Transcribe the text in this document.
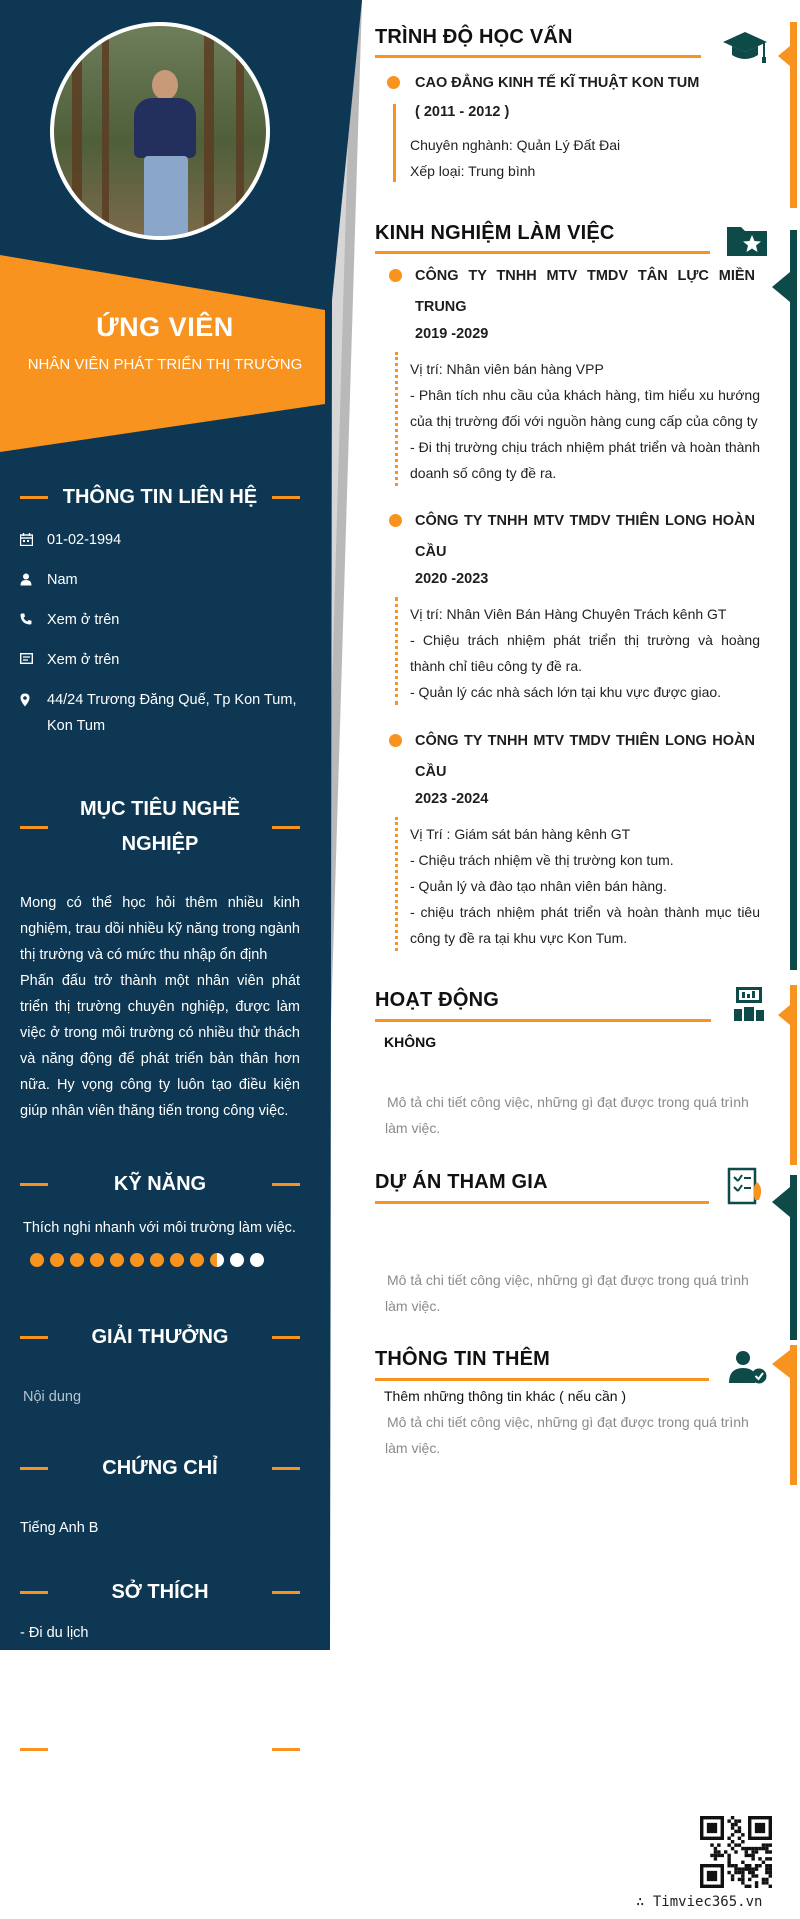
ỨNG VIÊN
NHÂN VIÊN PHÁT TRIỂN THỊ TRƯỜNG
THÔNG TIN LIÊN HỆ
01-02-1994
Nam
Xem ở trên
Xem ở trên
44/24 Trương Đăng Quế, Tp Kon Tum, Kon Tum
MỤC TIÊU NGHỀ NGHIỆP
Mong có thể học hỏi thêm nhiều kinh nghiệm, trau dồi nhiều kỹ năng trong ngành thị trường và có mức thu nhập ổn định
Phấn đấu trở thành một nhân viên phát triển thị trường chuyên nghiệp, được làm việc ở trong môi trường có nhiều thử thách và năng động để phát triển bản thân hơn nữa. Hy vọng công ty luôn tạo điều kiện giúp nhân viên thăng tiến trong công việc.
KỸ NĂNG
Thích nghi nhanh với môi trường làm việc.
GIẢI THƯỞNG
Nội dung
CHỨNG CHỈ
Tiếng Anh B
SỞ THÍCH
- Đi du lịch
- Đọc sách về kinh doanh
- Xem thời sự
NGƯỜI THAM CHIẾU
Ông : Nguyễn Tri Phúc
ASM Miền Trung 2 Công Ty Thiên Long Hoàn Cầu
Số điện thoại:0903157838
TRÌNH ĐỘ HỌC VẤN
CAO ĐẲNG KINH TẾ KĨ THUẬT KON TUM
( 2011 - 2012 )
Chuyên nghành: Quản Lý Đất Đai
Xếp loại: Trung bình
KINH NGHIỆM LÀM VIỆC
CÔNG TY TNHH MTV TMDV TÂN LỰC MIỀN TRUNG
2019 -2029
Vị trí: Nhân viên bán hàng VPP
- Phân tích nhu cầu của khách hàng, tìm hiểu xu hướng của thị trường đối với nguồn hàng cung cấp của công ty
- Đi thị trường chịu trách nhiệm phát triển và hoàn thành doanh số công ty đề ra.
CÔNG TY TNHH MTV TMDV THIÊN LONG HOÀN CẦU
2020 -2023
Vị trí: Nhân Viên Bán Hàng Chuyên Trách kênh GT
- Chiệu trách nhiệm phát triển thị trường và hoàng thành chỉ tiêu công ty đề ra.
- Quản lý các nhà sách lớn tại khu vực được giao.
CÔNG TY TNHH MTV TMDV THIÊN LONG HOÀN CẦU
2023 -2024
Vị Trí : Giám sát bán hàng kênh GT
- Chiệu trách nhiệm về thị trường kon tum.
- Quản lý và đào tạo nhân viên bán hàng.
- chiệu trách nhiệm phát triển và hoàn thành mục tiêu công ty đề ra tại khu vực Kon Tum.
HOẠT ĐỘNG
KHÔNG
Mô tả chi tiết công việc, những gì đạt được trong quá trình làm việc.
DỰ ÁN THAM GIA
Mô tả chi tiết công việc, những gì đạt được trong quá trình làm việc.
THÔNG TIN THÊM
Thêm những thông tin khác ( nếu cần )
Mô tả chi tiết công việc, những gì đạt được trong quá trình làm việc.
∴ Timviec365.vn
